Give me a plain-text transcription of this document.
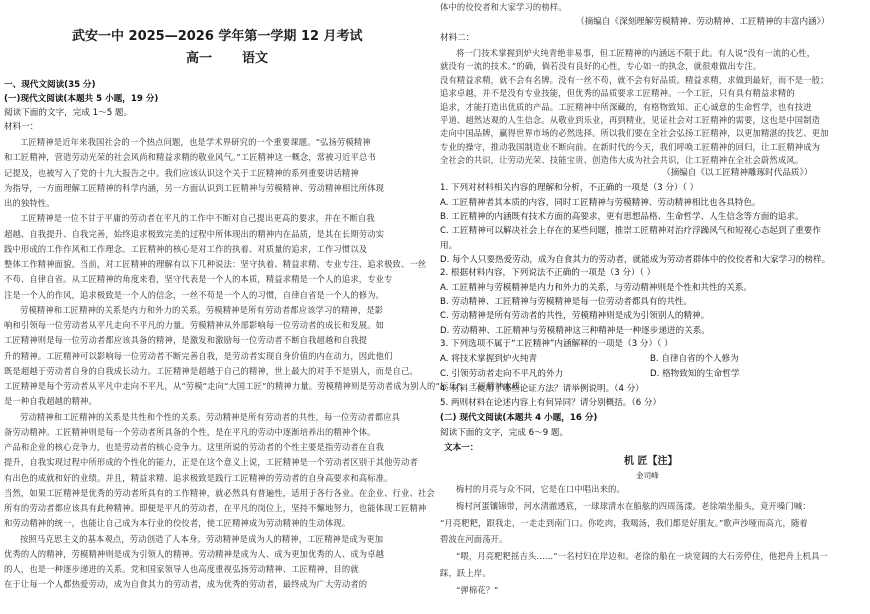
武安一中 2025—2026 学年第一学期 12 月考试
高一 语文
一、现代文阅读(35 分)
(一)现代文阅读(本题共 5 小题，19 分)
阅读下面的文字，完成 1～5 题。
材料一：
工匠精神是近年来我国社会的一个热点问题，也是学术界研究的一个重要课题。“弘扬劳模精神
和工匠精神，营造劳动光荣的社会风尚和精益求精的敬业风气。”工匠精神这一概念，常被习近平总书
记提及，也被写入了党的十九大报告之中。我们应该认识这个关于工匠精神的系列重要讲话精神
为指导，一方面理解工匠精神的科学内涵，另一方面认识到工匠精神与劳模精神、劳动精神相比所体现
出的独特性。
工匠精神是一位不甘于平庸的劳动者在平凡的工作中不断对自己提出更高的要求，并在不断自我
超越、自我提升、自我完善，始终追求极致完美的过程中所体现出的精神内在品质，是其在长期劳动实
践中形成的工作作风和工作理念。工匠精神的核心是对工作的执着、对质量的追求，工作习惯以及
整体工作精神面貌。当前，对工匠精神的理解有以下几种说法：坚守执着、精益求精、专业专注、追求极致、一丝
不苟、自律自省。从工匠精神的角度来看，坚守代表是一个人的本质，精益求精是一个人的追求，专业专
注是一个人的作风，追求极致是一个人的信念，一丝不苟是一个人的习惯，自律自省是一个人的修为。
劳模精神和工匠精神的关系是内力和外力的关系。劳模精神是所有劳动者都应该学习的精神，是影
响和引领每一位劳动者从平凡走向不平凡的力量。劳模精神从外部影响每一位劳动者的成长和发展。如
工匠精神则是每一位劳动者都应该具备的精神，是激发和激励每一位劳动者不断自我超越和自我提
升的精神。工匠精神可以影响每一位劳动者不断完善自我，是劳动者实现自身价值的内在动力，因此他们
既是超越于劳动者自身的自我成长动力。工匠精神是超越于自己的精神，世上最大的对手不是别人，而是自己。
工匠精神是每个劳动者从平凡中走向不平凡，从“劳模”走向“大国工匠”的精神力量。劳模精神则是劳动者成为别人的“标兵”。工匠精神本质
是一种自我超越的精神。
劳动精神和工匠精神的关系是共性和个性的关系。劳动精神是所有劳动者的共性，每一位劳动者都应具
备劳动精神。工匠精神则是每一个劳动者所具备的个性，是在平凡的劳动中逐渐培养出的精神个体。
产品和企业的核心竞争力，也是劳动者的核心竞争力。这里所说的劳动者的个性主要是指劳动者在自我
提升，自我实现过程中所形成的个性化的能力，正是在这个意义上说，工匠精神是一个劳动者区别于其他劳动者
有出色的成就和好的业绩。并且，精益求精、追求极致是践行工匠精神的劳动者的自身高要求和高标准。
当然，如果工匠精神是优秀的劳动者所具有的工作精神，就必然具有普遍性，适用于各行各业。在企业、行业、社会
所有的劳动者都应该具有此种精神。即便是平凡的劳动者，在平凡的岗位上，坚持不懈地努力，也能体现工匠精神
和劳动精神的统一，也能让自己成为本行业的佼佼者，使工匠精神成为劳动精神的生动体现。
按照马克思主义的基本观点，劳动创造了人本身。劳动精神是成为人的精神，工匠精神是成为更加
优秀的人的精神，劳模精神则是成为引领人的精神。劳动精神是成为人、成为更加优秀的人、成为卓越
的人，也是一种逐步递进的关系。党和国家领导人也高度重视弘扬劳动精神、工匠精神，目的就
在于让每一个人都热爱劳动，成为自食其力的劳动者，成为优秀的劳动者，最终成为广大劳动者的
体中的佼佼者和大家学习的榜样。
（摘编自《深刻理解劳模精神、劳动精神、工匠精神的丰富内涵》）
材料二：
将一门技术掌握到炉火纯青绝非易事，但工匠精神的内涵远不限于此。有人说“没有一流的心性，
就没有一流的技术。”的确，倘若没有良好的心性，专心如一的执念，就很难做出专注。
没有精益求精，就不会有名牌。没有一丝不苟，就不会有好品质。精益求精，求做到最好，而不是一般；
追求卓越，并不是没有专业技能，但优秀的品质要求工匠精神。一个工匠，只有具有精益求精的
追求，才能打造出优质的产品。工匠精神中所深藏的，有格物致知、正心诚意的生命哲学，也有技进
乎道、超然达观的人生信念。从敬业到乐业，再到精业，见证社会对工匠精神的需要，这也是中国制造
走向中国品牌，赢得世界市场的必然选择。所以我们要在全社会弘扬工匠精神，以更加精湛的技艺、更加
专业的操守，推动我国制造业不断向前。在新时代的今天，我们呼唤工匠精神的回归，让工匠精神成为
全社会的共识，让劳动光荣、技能宝贵、创造伟大成为社会共识，让工匠精神在全社会蔚然成风。
（摘编自《以工匠精神雕琢时代品质》）
1. 下列对材料相关内容的理解和分析，不正确的一项是（3 分）（ ）
A. 工匠精神者其本质的内容，同时工匠精神与劳模精神、劳动精神相比也各具特色。
B. 工匠精神的内涵既有技术方面的高要求，更有思想品格、生命哲学、人生信念等方面的追求。
C. 工匠精神可以解决社会上存在的某些问题，推崇工匠精神对治疗浮躁风气和短视心态起到了重要作
用。
D. 每个人只要热爱劳动，成为自食其力的劳动者，就能成为劳动者群体中的佼佼者和大家学习的榜样。
2. 根据材料内容，下列说法不正确的一项是（3 分）（ ）
A. 工匠精神与劳模精神是内力和外力的关系，与劳动精神则是个性和共性的关系。
B. 劳动精神、工匠精神与劳模精神是每一位劳动者都具有的共性。
C. 劳动精神是所有劳动者的共性，劳模精神则是成为引领别人的精神。
D. 劳动精神、工匠精神与劳模精神这三种精神是一种逐步递进的关系。
3. 下列选项不属于“工匠精神”内涵解释的一项是（3 分）（ ）
A. 将技术掌握到炉火纯青	B. 自律自省的个人修为
C. 引领劳动者走向不平凡的外力	D. 格物致知的生命哲学
4. 材料二使用了哪些论证方法？请举例说明。（4 分）
5. 两则材料在论述内容上有何异同？请分别概括。（6 分）
(二) 现代文阅读(本题共 4 小题，16 分)
阅读下面的文字，完成 6～9 题。
文本一：
机 匠【注】
金司峰
梅村的月亮与众不同，它是在口中唱出来的。
梅村河蛋镶锦带，河水清澈透底，一球球清水在船舷的四周荡漾。老徐端坐船头，竟开嗓门喊：
“月亮粑粑，跟我走，一走走到南门口。你吃肉，我喝汤，我们都是好朋友。”歌声沙哑而高亢，随着
碧波在河面荡开。
“喂，月亮粑粑摇吉头……”一名村妇在岸边和。老徐的船在一块宽阔的大石旁停住，他把舟上机具一
踩，跃上岸。
“弹棉花？”
